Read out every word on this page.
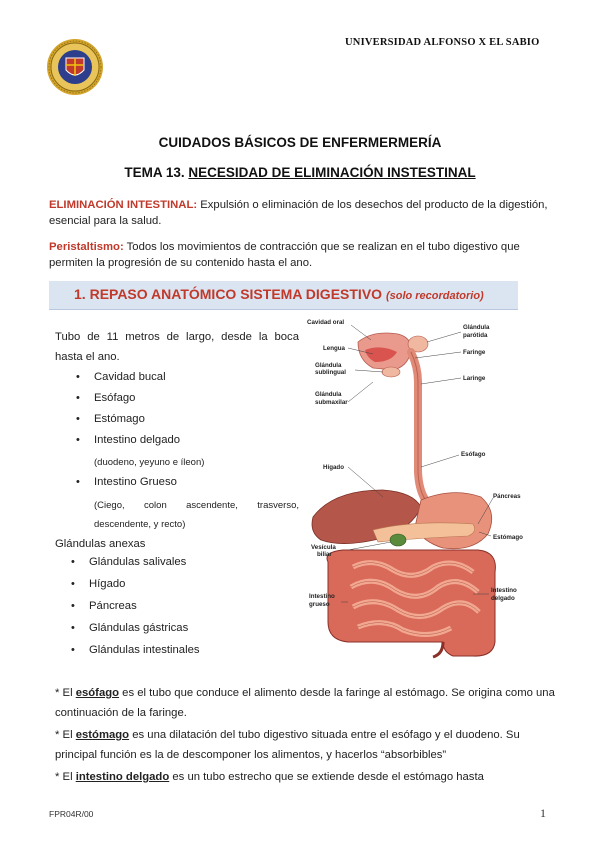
UNIVERSIDAD ALFONSO X EL SABIO
CUIDADOS BÁSICOS DE ENFERMERMERÍA
TEMA 13. NECESIDAD DE ELIMINACIÓN INSTESTINAL
ELIMINACIÓN INTESTINAL: Expulsión o eliminación de los desechos del producto de la digestión, esencial para la salud.
Peristaltismo: Todos los movimientos de contracción que se realizan en el tubo digestivo que permiten la progresión de su contenido hasta el ano.
1. REPASO ANATÓMICO SISTEMA DIGESTIVO (solo recordatorio)
Tubo de 11 metros de largo, desde la boca hasta el ano.
• Cavidad bucal
• Esófago
• Estómago
• Intestino delgado
(duodeno, yeyuno e íleon)
• Intestino Grueso
(Ciego, colon ascendente, trasverso, descendente, y recto)
Glándulas anexas
• Glándulas salivales
• Hígado
• Páncreas
• Glándulas gástricas
• Glándulas intestinales
Cavidad oral
Lengua
Glándula
sublingual
Glándula
submaxilar
Hígado
Vesícula
biliar
Intestino
grueso
Glándula
parótida
Faringe
Laringe
Esófago
Páncreas
Estómago
Intestino
delgado
* El esófago es el tubo que conduce el alimento desde la faringe al estómago. Se origina como una continuación de la faringe.
* El estómago es una dilatación del tubo digestivo situada entre el esófago y el duodeno. Su principal función es la de descomponer los alimentos, y hacerlos “absorbibles”
* El intestino delgado es un tubo estrecho que se extiende desde el estómago hasta
FPR04R/00	1
